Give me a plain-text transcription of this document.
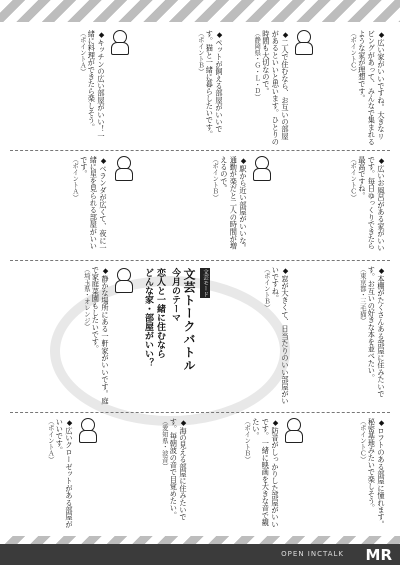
◆広い家がいいですね。大きなリビングがあって、みんなで集まれるような家が理想です。
（ポイントＣ）
◆二人で住むなら、お互いの部屋があるといいと思います。ひとりの時間も大切なので。
（静岡県・Ｇ・Ｌ・Ｄ）
◆ペットが飼える部屋がいいです。猫と一緒に暮らしたいです。
（ポイントＢ）
◆キッチンの広い部屋がいい！一緒に料理ができたら楽しそう。
（ポイントＡ）
◆広いお風呂がある家がいいです。毎日ゆっくりできたら最高ですね。
（ポイントＣ）
◆駅から近い部屋がいいな。通勤が楽だと二人の時間が増えるので。
（ポイントＢ）
◆ベランダが広くて、夜に一緒に星を見られる部屋がいいです。
（ポイントＡ）
◆本棚がたくさんある部屋に住みたいです。お互いの好きな本を並べたい。
（東京都・三毛猫）
◆窓が大きくて、日当たりのいい部屋がいいですね。
（ポイントＢ）
文芸モード
文芸トークバトル
今月のテーマ
恋人と一緒に住むなら
どんな家・部屋がいい？
◆静かな場所にある一軒家がいいです。庭で家庭菜園もしたいです。
（埼玉県・オレンジ）
◆ロフトのある部屋に憧れます。秘密基地みたいで楽しそう。
（ポイントＣ）
◆防音がしっかりした部屋がいいです。一緒に映画を大きな音で観たい。
（ポイントＢ）
◆海の見える部屋に住みたいです。毎朝波の音で目覚めたい。
（愛知県・波音）
◆広いクローゼットがある部屋がいいです。
（ポイントＡ）
OPEN INCTALK MR
